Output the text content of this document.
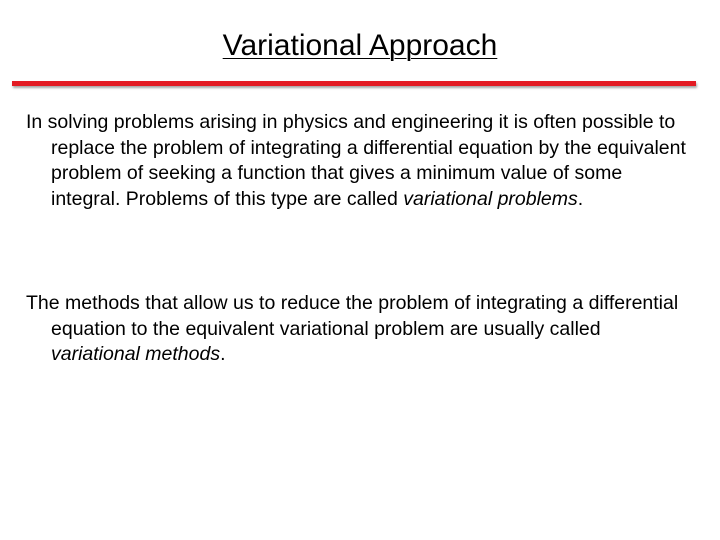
Variational Approach

In solving problems arising in physics and engineering it is often possible to replace the problem of integrating a differential equation by the equivalent problem of seeking a function that gives a minimum value of some integral. Problems of this type are called variational problems.

The methods that allow us to reduce the problem of integrating a differential equation to the equivalent variational problem are usually called variational methods.
